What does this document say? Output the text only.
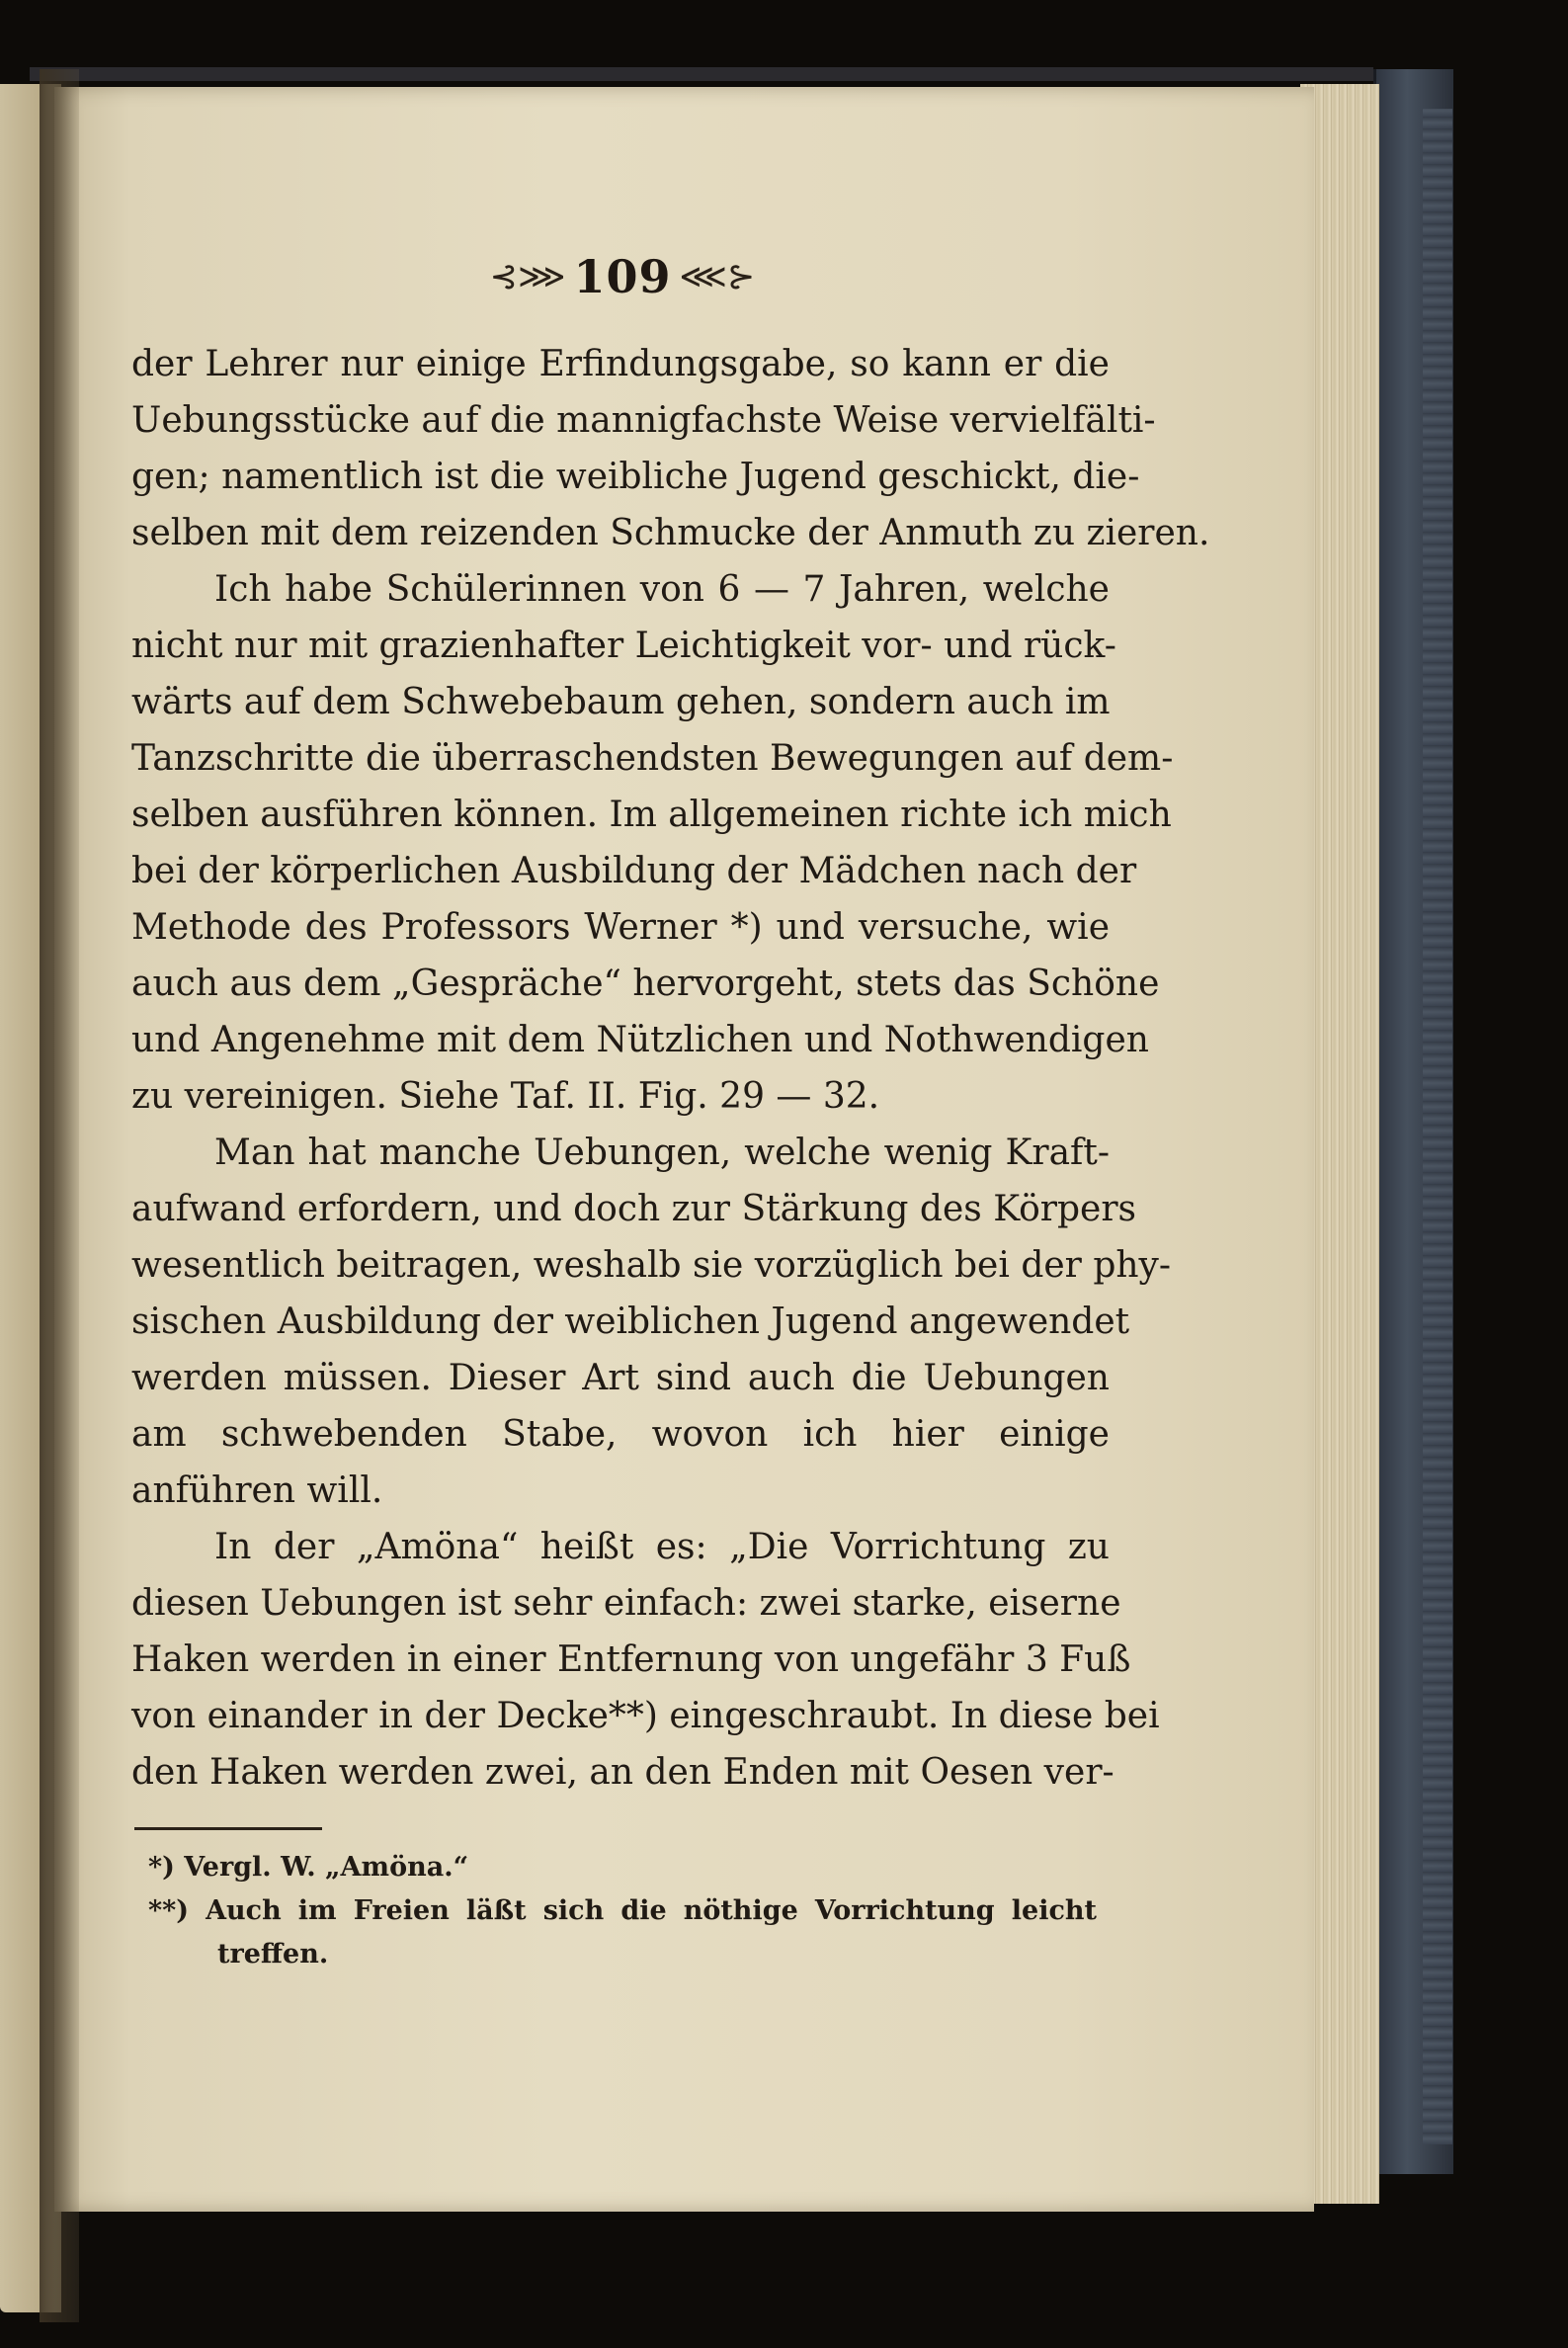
⊰⋙ 109 ⋘⊱
der Lehrer nur einige Erfindungsgabe, so kann er die
Uebungsstücke auf die mannigfachste Weise vervielfälti-
gen; namentlich ist die weibliche Jugend geschickt, die-
selben mit dem reizenden Schmucke der Anmuth zu zieren.
Ich habe Schülerinnen von 6 — 7 Jahren, welche
nicht nur mit grazienhafter Leichtigkeit vor- und rück-
wärts auf dem Schwebebaum gehen, sondern auch im
Tanzschritte die überraschendsten Bewegungen auf dem-
selben ausführen können. Im allgemeinen richte ich mich
bei der körperlichen Ausbildung der Mädchen nach der
Methode des Professors Werner *) und versuche, wie
auch aus dem „Gespräche“ hervorgeht, stets das Schöne
und Angenehme mit dem Nützlichen und Nothwendigen
zu vereinigen. Siehe Taf. II. Fig. 29 — 32.
Man hat manche Uebungen, welche wenig Kraft-
aufwand erfordern, und doch zur Stärkung des Körpers
wesentlich beitragen, weshalb sie vorzüglich bei der phy-
sischen Ausbildung der weiblichen Jugend angewendet
werden müssen. Dieser Art sind auch die Uebungen
am schwebenden Stabe, wovon ich hier einige
anführen will.
In der „Amöna“ heißt es: „Die Vorrichtung zu
diesen Uebungen ist sehr einfach: zwei starke, eiserne
Haken werden in einer Entfernung von ungefähr 3 Fuß
von einander in der Decke**) eingeschraubt. In diese bei
den Haken werden zwei, an den Enden mit Oesen ver-
*) Vergl. W. „Amöna.“
**) Auch im Freien läßt sich die nöthige Vorrichtung leicht
treffen.
